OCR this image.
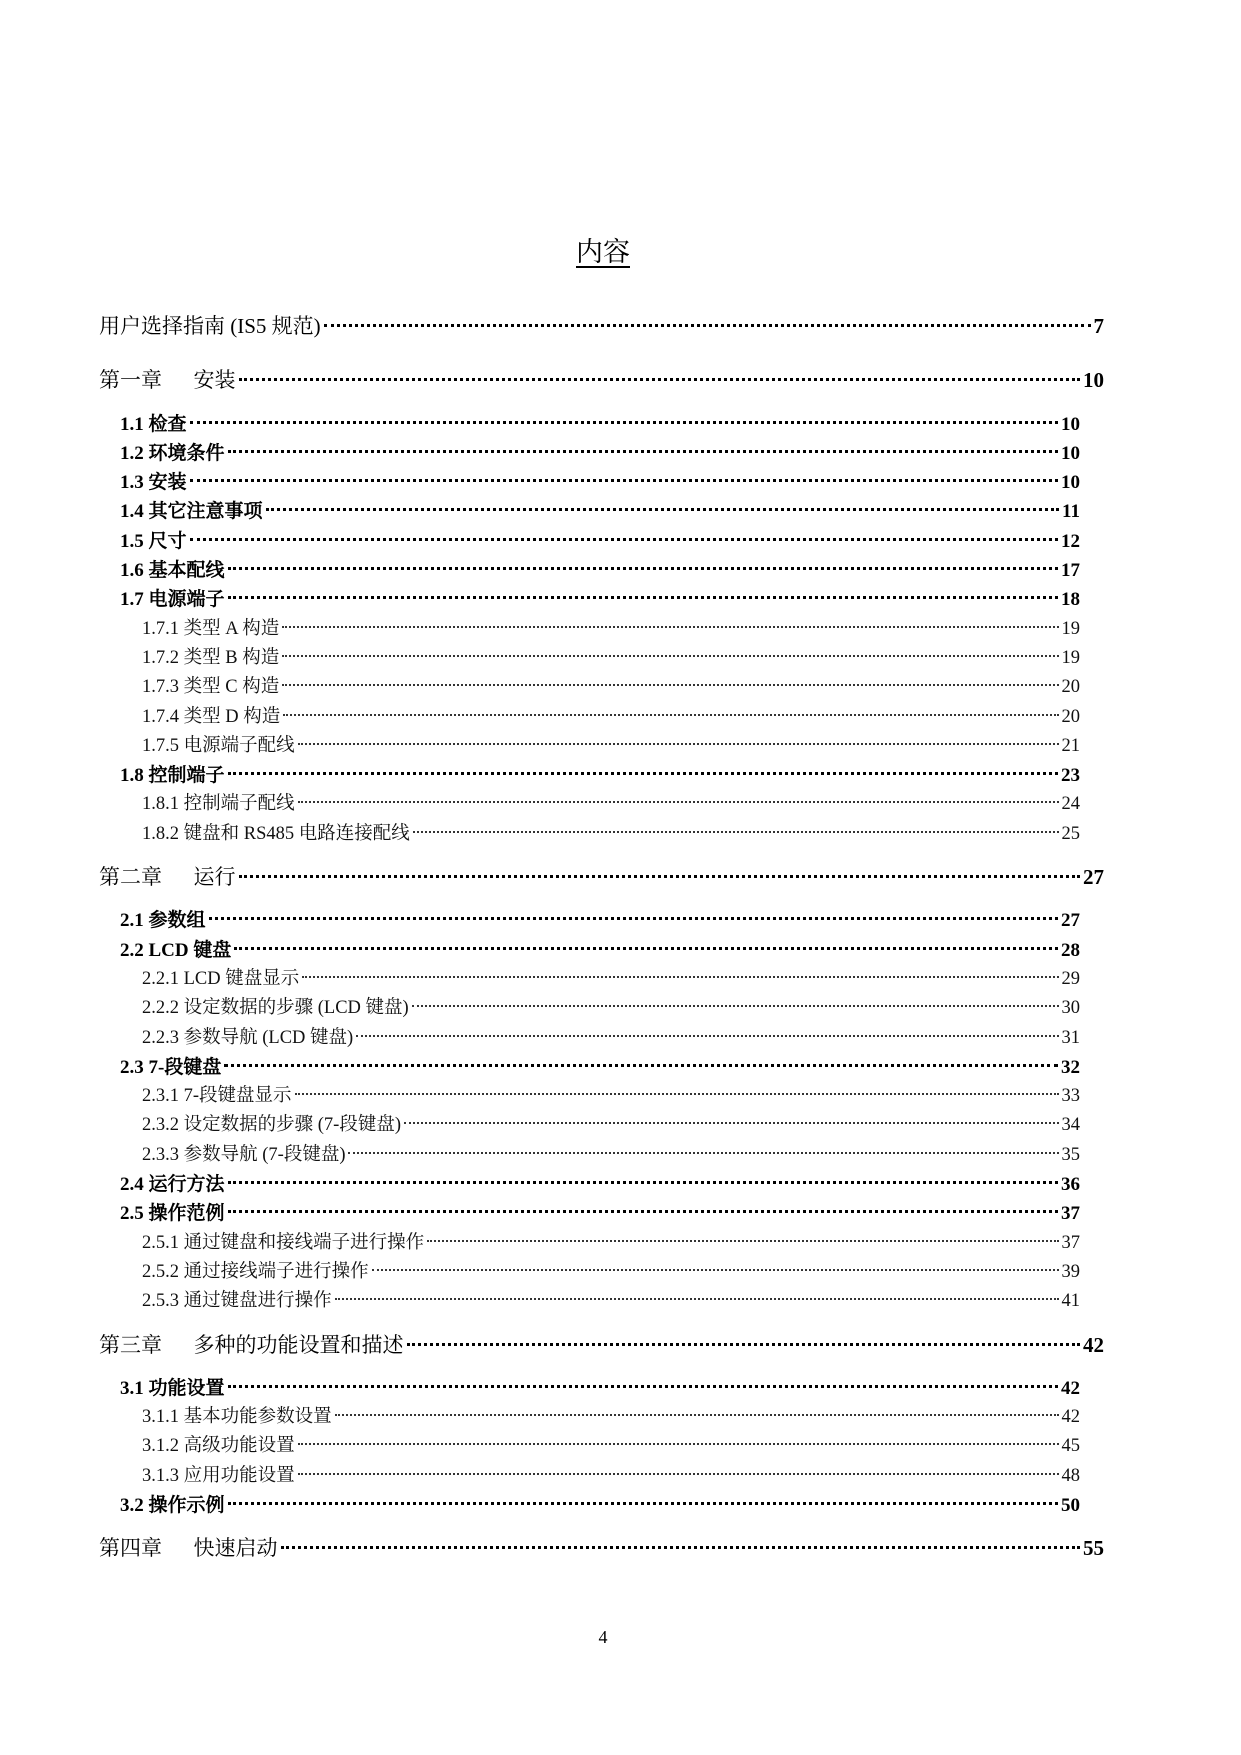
内容
用户选择指南 (IS5 规范)	7
第一章      安装	10
1.1 检查	10
1.2 环境条件	10
1.3 安装	10
1.4 其它注意事项	11
1.5 尺寸	12
1.6 基本配线	17
1.7 电源端子	18
1.7.1 类型 A 构造	19
1.7.2 类型 B 构造	19
1.7.3 类型 C 构造	20
1.7.4 类型 D 构造	20
1.7.5 电源端子配线	21
1.8 控制端子	23
1.8.1 控制端子配线	24
1.8.2 键盘和 RS485 电路连接配线	25
第二章      运行	27
2.1 参数组	27
2.2 LCD 键盘	28
2.2.1 LCD 键盘显示	29
2.2.2 设定数据的步骤 (LCD 键盘)	30
2.2.3 参数导航 (LCD 键盘)	31
2.3 7-段键盘	32
2.3.1 7-段键盘显示	33
2.3.2 设定数据的步骤 (7-段键盘)	34
2.3.3 参数导航 (7-段键盘)	35
2.4 运行方法	36
2.5 操作范例	37
2.5.1 通过键盘和接线端子进行操作	37
2.5.2 通过接线端子进行操作	39
2.5.3 通过键盘进行操作	41
第三章      多种的功能设置和描述	42
3.1 功能设置	42
3.1.1 基本功能参数设置	42
3.1.2 高级功能设置	45
3.1.3 应用功能设置	48
3.2 操作示例	50
第四章      快速启动	55
4
